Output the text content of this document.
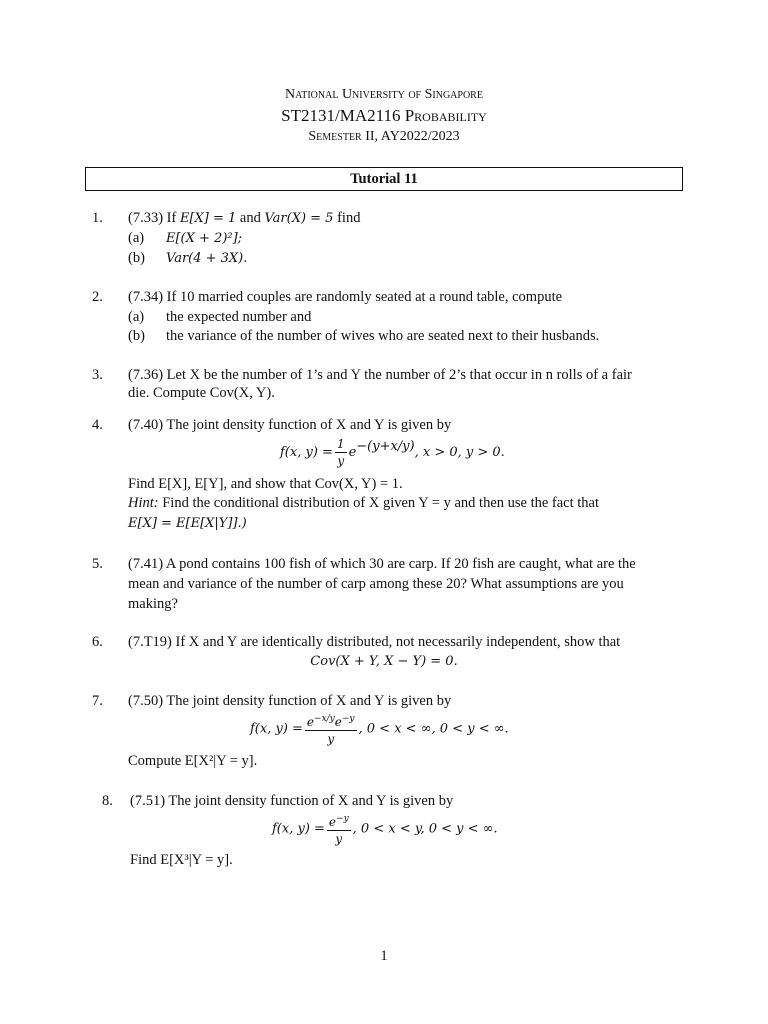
National University of Singapore
ST2131/MA2116 Probability
Semester II, AY2022/2023
Tutorial 11
1. (7.33) If E[X] = 1 and Var(X) = 5 find
(a) E[(X + 2)²];
(b) Var(4 + 3X).
2. (7.34) If 10 married couples are randomly seated at a round table, compute
(a) the expected number and
(b) the variance of the number of wives who are seated next to their husbands.
3. (7.36) Let X be the number of 1’s and Y the number of 2’s that occur in n rolls of a fair
die. Compute Cov(X, Y).
4. (7.40) The joint density function of X and Y is given by
f(x, $y) = \frac{1}{y} e^{-(y+x/y)}$, x > 0, y > 0.
Find E[X], E[Y], and show that Cov(X, Y) = 1.
Hint: Find the conditional distribution of X given Y = y and then use the fact that
E[X] = E[E[X|Y]].)
5. (7.41) A pond contains 100 fish of which 30 are carp. If 20 fish are caught, what are the
mean and variance of the number of carp among these 20? What assumptions are you
making?
6. (7.T19) If X and Y are identically distributed, not necessarily independent, show that
Cov(X + Y, X − Y) = 0.
7. (7.50) The joint density function of X and Y is given by
f(x, $y) = \frac{e^{-x/y}e^{-y}}{y}$ , 0 < x < ∞, 0 < y < ∞.
Compute E[X²|Y = y].
8. (7.51) The joint density function of X and Y is given by
f(x, $y) = \frac{e^{-y}}{y}$ , 0 < x < y, 0 < y < ∞.
Find E[X³|Y = y].
1
